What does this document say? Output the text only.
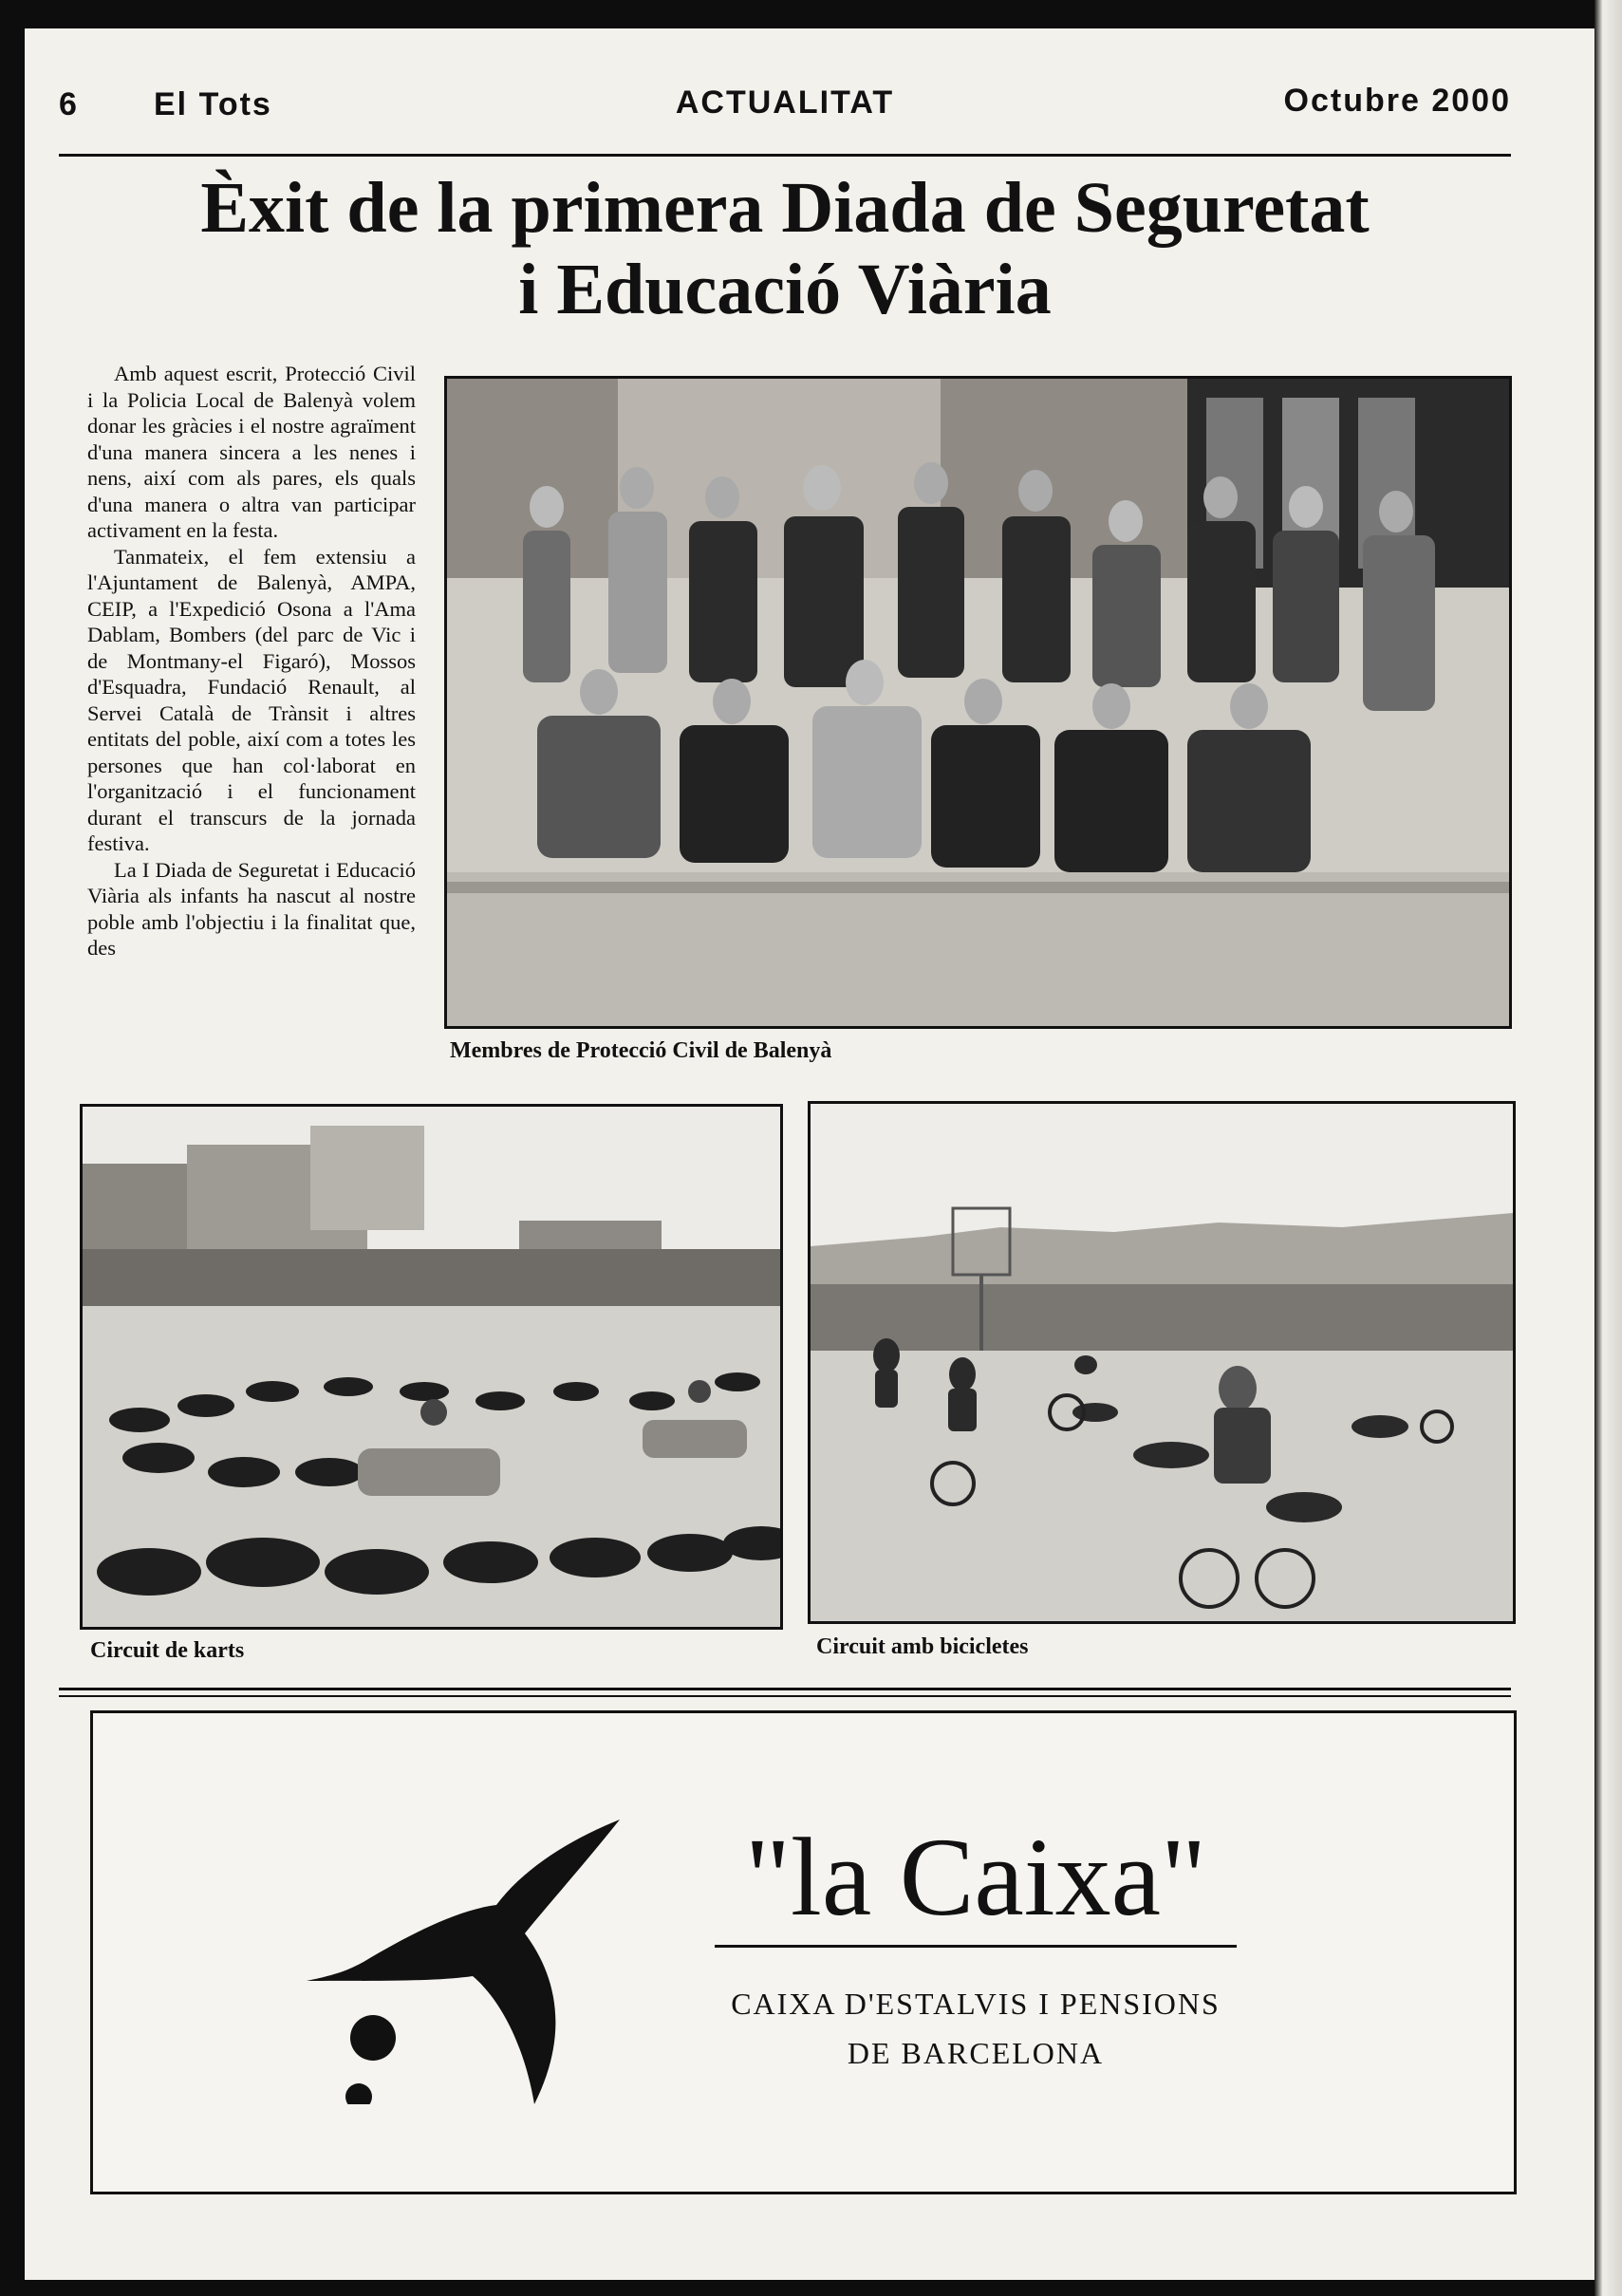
6 El Tots	ACTUALITAT	Octubre 2000
Èxit de la primera Diada de Seguretat
i Educació Viària

Amb aquest escrit, Protecció Civil i la Policia Local de Balenyà volem donar les gràcies i el nostre agraïment d'una manera sincera a les nenes i nens, així com als pares, els quals d'una manera o altra van participar activament en la festa.

Tanmateix, el fem extensiu a l'Ajuntament de Balenyà, AMPA, CEIP, a l'Expedició Osona a l'Ama Dablam, Bombers (del parc de Vic i de Montmany-el Figaró), Mossos d'Esquadra, Fundació Renault, al Servei Català de Trànsit i altres entitats del poble, així com a totes les persones que han col·laborat en l'organització i el funcionament durant el transcurs de la jornada festiva.

La I Diada de Seguretat i Educació Viària als infants ha nascut al nostre poble amb l'objectiu i la finalitat que, des

Membres de Protecció Civil de Balenyà
Circuit de karts	Circuit amb bicicletes
"la Caixa"
CAIXA D'ESTALVIS I PENSIONS
DE BARCELONA
